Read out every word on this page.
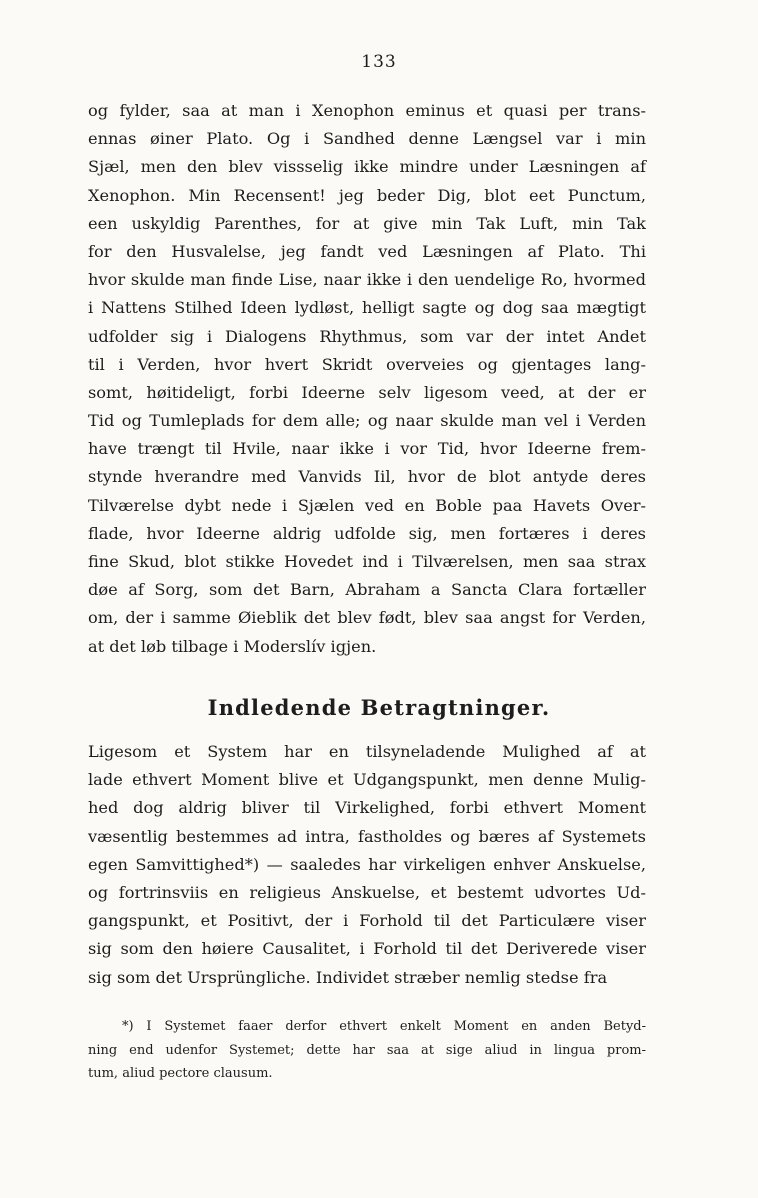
133
og fylder, saa at man i Xenophon eminus et quasi per trans-
ennas øiner Plato. Og i Sandhed denne Længsel var i min
Sjæl, men den blev vissselig ikke mindre under Læsningen af
Xenophon. Min Recensent! jeg beder Dig, blot eet Punctum,
een uskyldig Parenthes, for at give min Tak Luft, min Tak
for den Husvalelse, jeg fandt ved Læsningen af Plato. Thi
hvor skulde man finde Lise, naar ikke i den uendelige Ro, hvormed
i Nattens Stilhed Ideen lydløst, helligt sagte og dog saa mægtigt
udfolder sig i Dialogens Rhythmus, som var der intet Andet
til i Verden, hvor hvert Skridt overveies og gjentages lang-
somt, høitideligt, forbi Ideerne selv ligesom veed, at der er
Tid og Tumleplads for dem alle; og naar skulde man vel i Verden
have trængt til Hvile, naar ikke i vor Tid, hvor Ideerne frem-
stynde hverandre med Vanvids Iil, hvor de blot antyde deres
Tilværelse dybt nede i Sjælen ved en Boble paa Havets Over-
flade, hvor Ideerne aldrig udfolde sig, men fortæres i deres
fine Skud, blot stikke Hovedet ind i Tilværelsen, men saa strax
døe af Sorg, som det Barn, Abraham a Sancta Clara fortæller
om, der i samme Øieblik det blev født, blev saa angst for Verden,
at det løb tilbage i Moderslív igjen.
Indledende Betragtninger.
Ligesom et System har en tilsyneladende Mulighed af at
lade ethvert Moment blive et Udgangspunkt, men denne Mulig-
hed dog aldrig bliver til Virkelighed, forbi ethvert Moment
væsentlig bestemmes ad intra, fastholdes og bæres af Systemets
egen Samvittighed*) — saaledes har virkeligen enhver Anskuelse,
og fortrinsviis en religieus Anskuelse, et bestemt udvortes Ud-
gangspunkt, et Positivt, der i Forhold til det Particulære viser
sig som den høiere Causalitet, i Forhold til det Deriverede viser
sig som det Ursprüngliche. Individet stræber nemlig stedse fra
*) I Systemet faaer derfor ethvert enkelt Moment en anden Betyd-
ning end udenfor Systemet; dette har saa at sige aliud in lingua prom-
tum, aliud pectore clausum.
